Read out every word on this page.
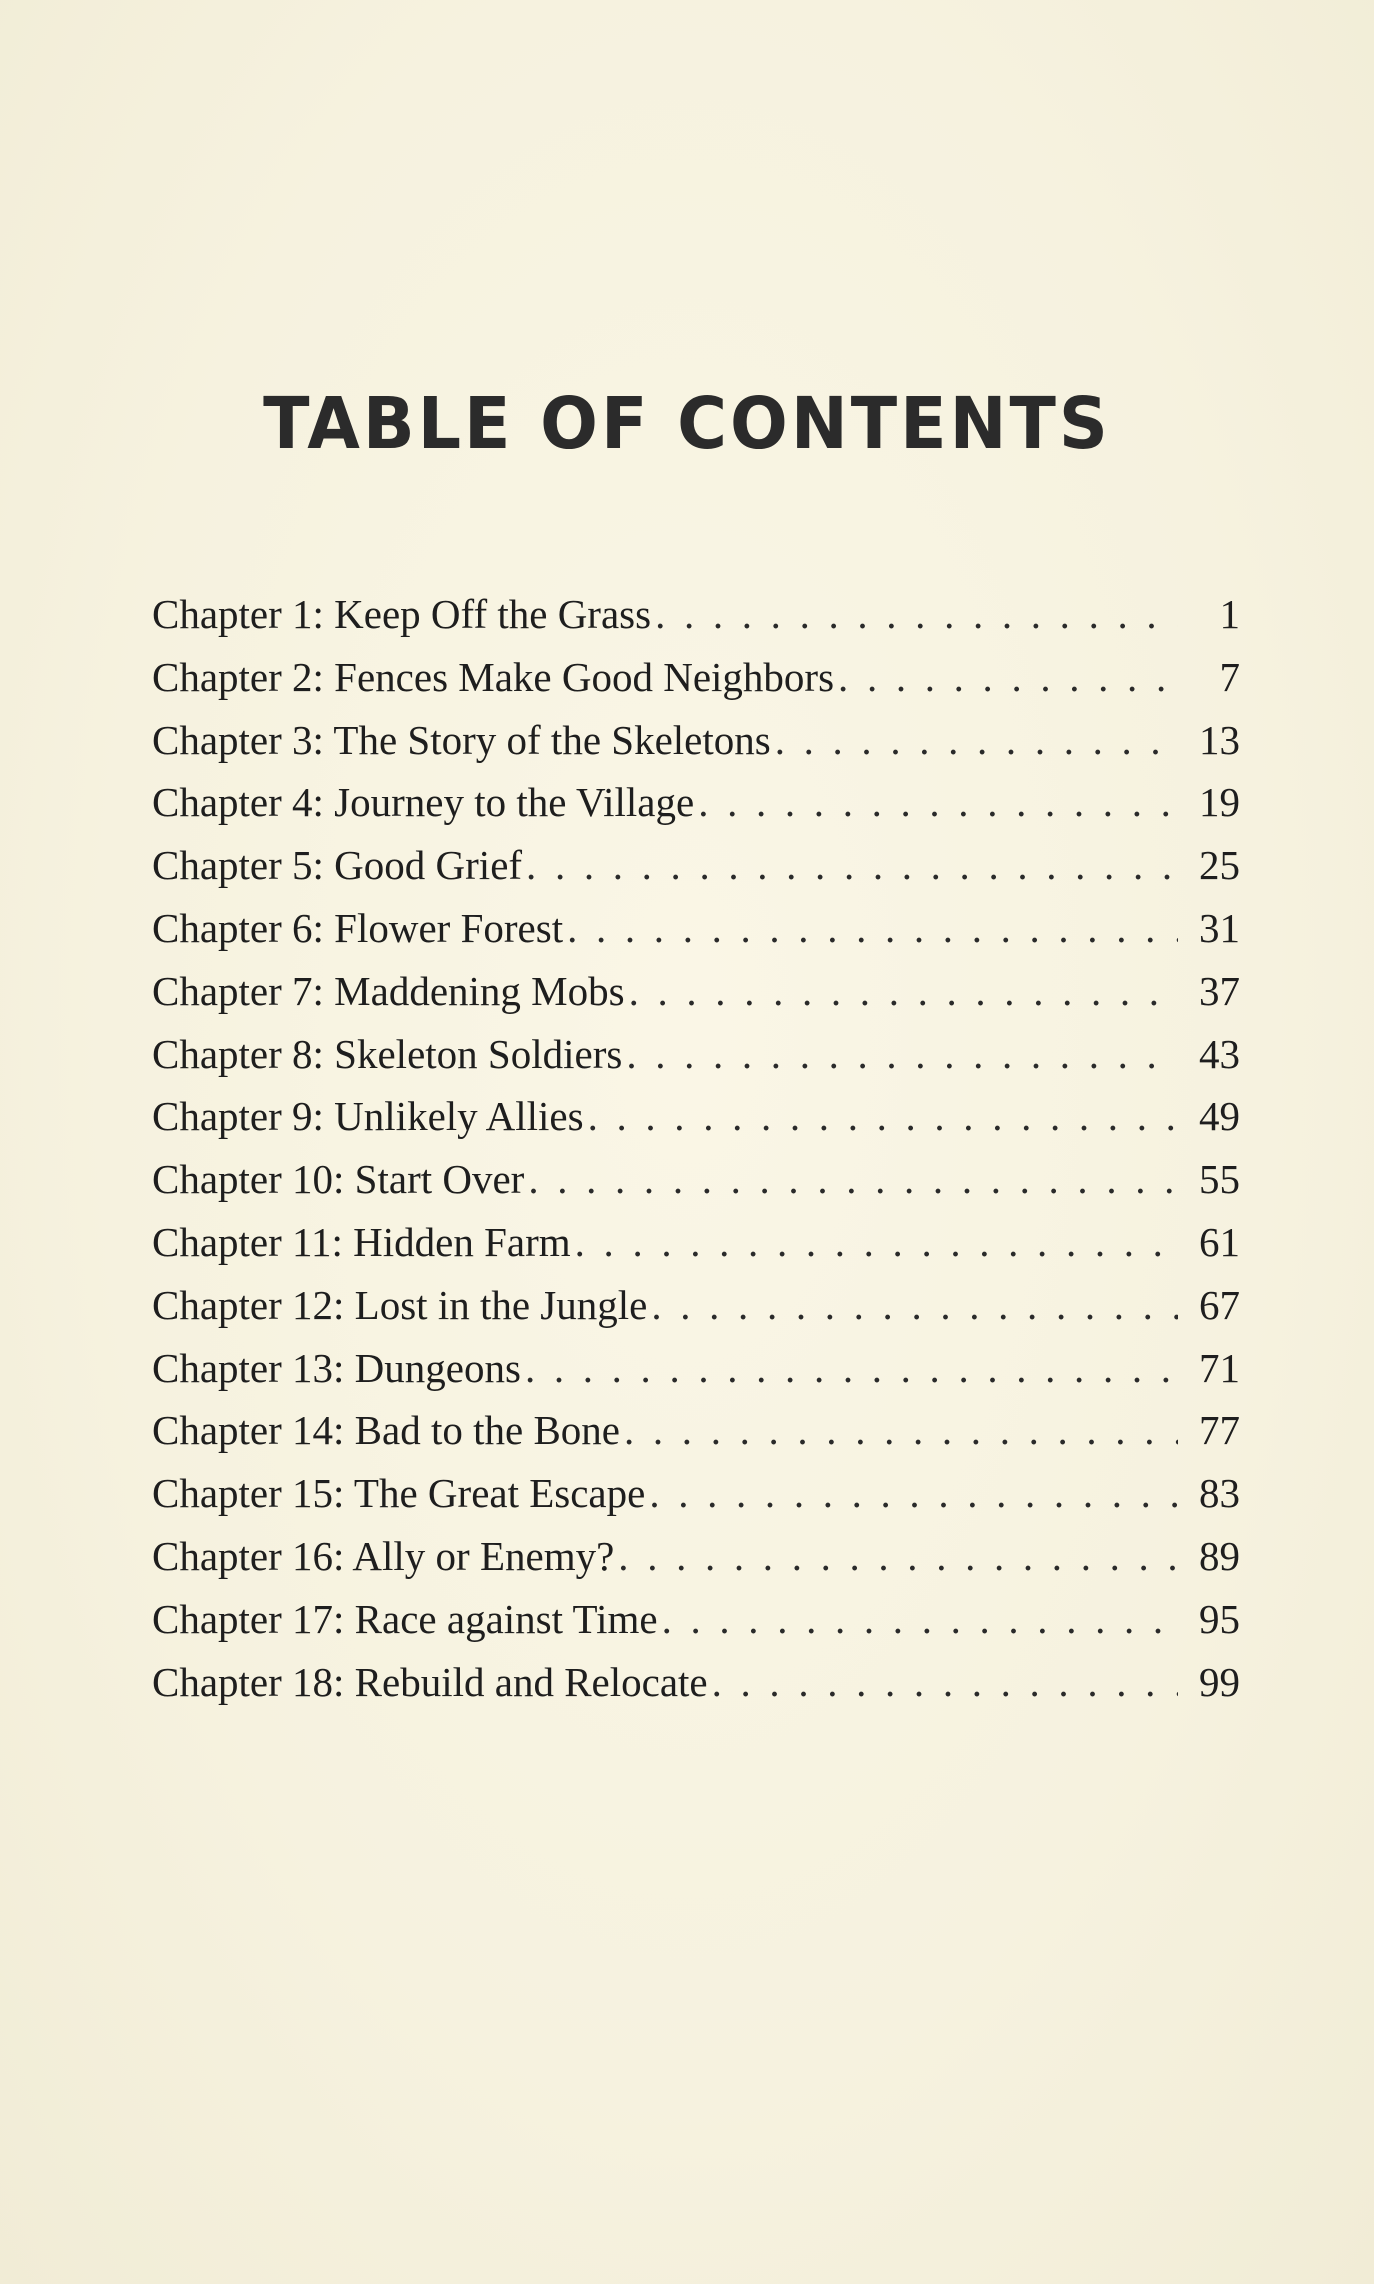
TABLE OF CONTENTS
Chapter 1: Keep Off the Grass . . .	1
Chapter 2: Fences Make Good Neighbors . . .	7
Chapter 3: The Story of the Skeletons . . .	13
Chapter 4: Journey to the Village . . .	19
Chapter 5: Good Grief . . .	25
Chapter 6: Flower Forest . . .	31
Chapter 7: Maddening Mobs . . .	37
Chapter 8: Skeleton Soldiers . . .	43
Chapter 9: Unlikely Allies . . .	49
Chapter 10: Start Over . . .	55
Chapter 11: Hidden Farm . . .	61
Chapter 12: Lost in the Jungle . . .	67
Chapter 13: Dungeons . . .	71
Chapter 14: Bad to the Bone . . .	77
Chapter 15: The Great Escape . . .	83
Chapter 16: Ally or Enemy? . . .	89
Chapter 17: Race against Time . . .	95
Chapter 18: Rebuild and Relocate . . .	99
